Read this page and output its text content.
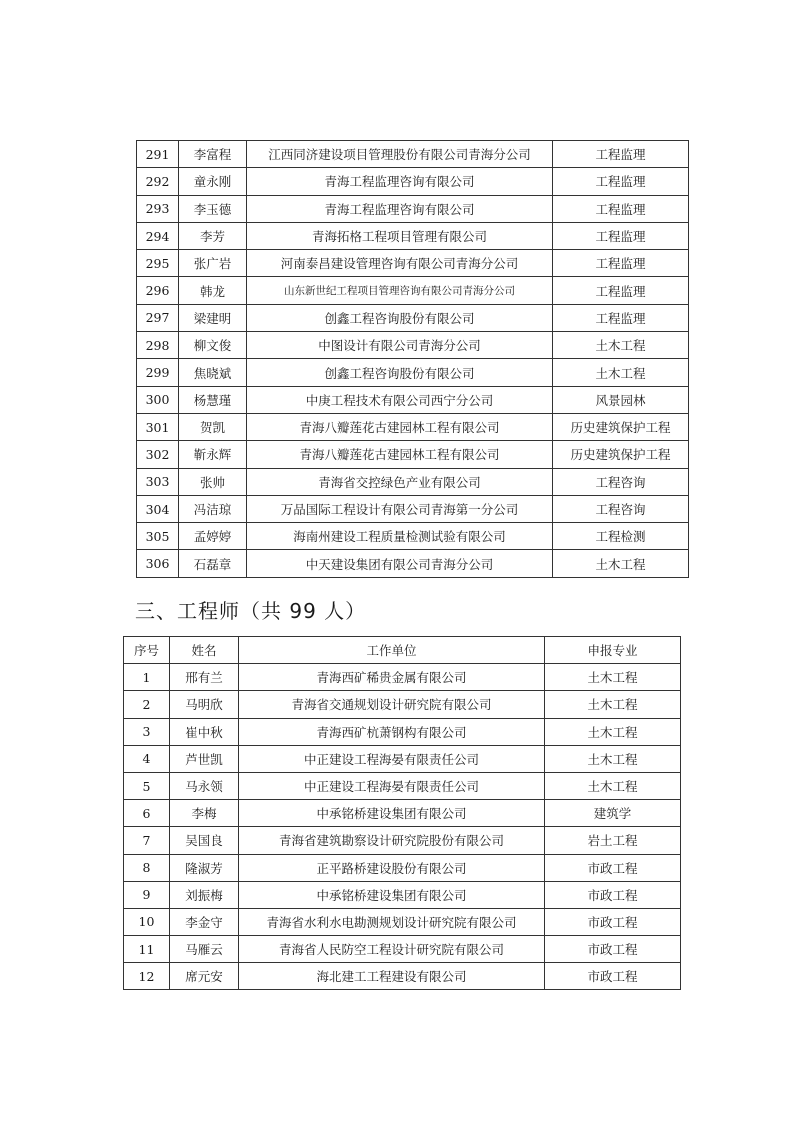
291	李富程	江西同济建设项目管理股份有限公司青海分公司	工程监理
292	童永刚	青海工程监理咨询有限公司	工程监理
293	李玉德	青海工程监理咨询有限公司	工程监理
294	李芳	青海拓格工程项目管理有限公司	工程监理
295	张广岩	河南泰昌建设管理咨询有限公司青海分公司	工程监理
296	韩龙	山东新世纪工程项目管理咨询有限公司青海分公司	工程监理
297	梁建明	创鑫工程咨询股份有限公司	工程监理
298	柳文俊	中图设计有限公司青海分公司	土木工程
299	焦晓斌	创鑫工程咨询股份有限公司	土木工程
300	杨慧瑾	中庚工程技术有限公司西宁分公司	风景园林
301	贺凯	青海八瓣莲花古建园林工程有限公司	历史建筑保护工程
302	靳永辉	青海八瓣莲花古建园林工程有限公司	历史建筑保护工程
303	张帅	青海省交控绿色产业有限公司	工程咨询
304	冯洁琼	万品国际工程设计有限公司青海第一分公司	工程咨询
305	孟婷婷	海南州建设工程质量检测试验有限公司	工程检测
306	石磊章	中天建设集团有限公司青海分公司	土木工程
三、工程师（共 99 人）
序号	姓名	工作单位	申报专业
1	邢有兰	青海西矿稀贵金属有限公司	土木工程
2	马明欣	青海省交通规划设计研究院有限公司	土木工程
3	崔中秋	青海西矿杭萧钢构有限公司	土木工程
4	芦世凯	中正建设工程海晏有限责任公司	土木工程
5	马永领	中正建设工程海晏有限责任公司	土木工程
6	李梅	中承铭桥建设集团有限公司	建筑学
7	吴国良	青海省建筑勘察设计研究院股份有限公司	岩土工程
8	隆淑芳	正平路桥建设股份有限公司	市政工程
9	刘振梅	中承铭桥建设集团有限公司	市政工程
10	李金守	青海省水利水电勘测规划设计研究院有限公司	市政工程
11	马雁云	青海省人民防空工程设计研究院有限公司	市政工程
12	席元安	海北建工工程建设有限公司	市政工程
